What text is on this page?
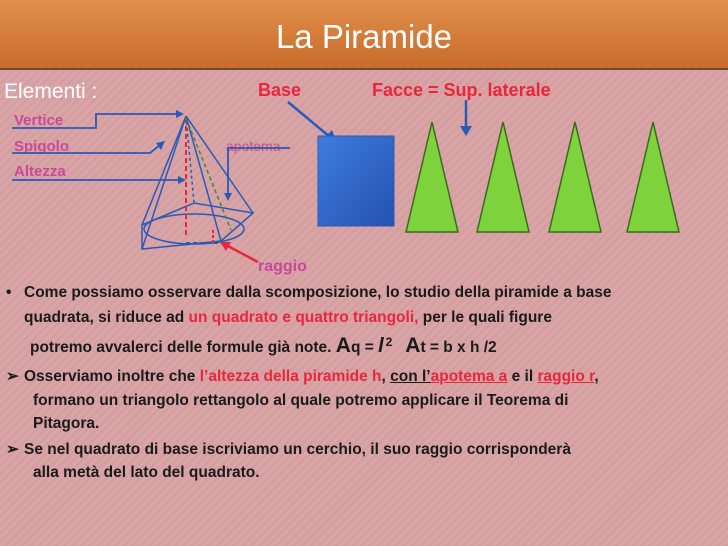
La Piramide
Elementi :	Base	Facce = Sup. laterale
Vertice
Spigolo
Altezza
apotema
raggio
• Come possiamo osservare dalla scomposizione, lo studio della piramide a base
quadrata, si riduce ad un quadrato e quattro triangoli, per le quali figure
potremo avvalerci delle formule già note. Aq = l $^2$ At = b x h /2
➢ Osserviamo inoltre che l’altezza della piramide h, con l’apotema a e il raggio r,
formano un triangolo rettangolo al quale potremo applicare il Teorema di
Pitagora.
➢ Se nel quadrato di base iscriviamo un cerchio, il suo raggio corrisponderà
alla metà del lato del quadrato.
